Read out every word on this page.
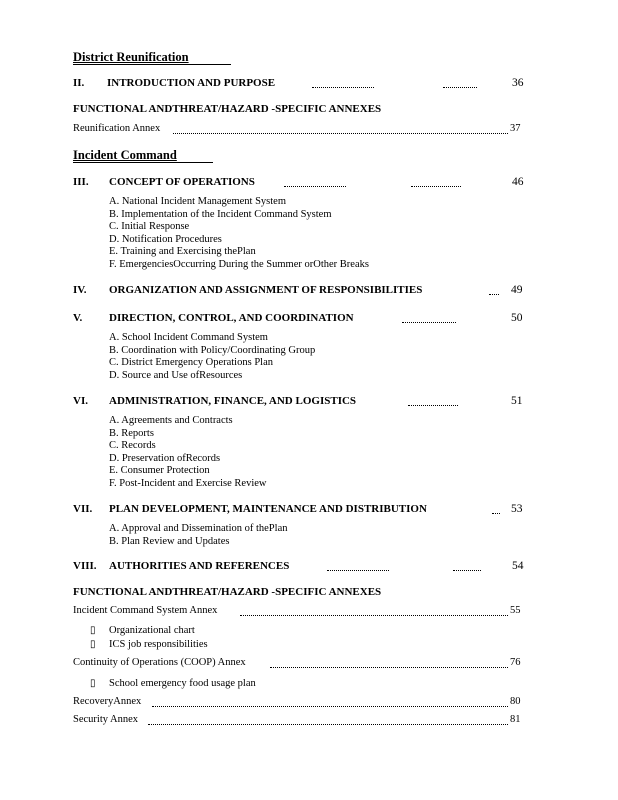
District Reunification
II. INTRODUCTION AND PURPOSE	36
FUNCTIONAL ANDTHREAT/HAZARD -SPECIFIC ANNEXES
Reunification Annex	37
Incident Command
III. CONCEPT OF OPERATIONS	46
A. National Incident Management System
B. Implementation of the Incident Command System
C. Initial Response
D. Notification Procedures
E. Training and Exercising thePlan
F. EmergenciesOccurring During the Summer orOther Breaks
IV. ORGANIZATION AND ASSIGNMENT OF RESPONSIBILITIES	49
V. DIRECTION, CONTROL, AND COORDINATION	50
A. School Incident Command System
B. Coordination with Policy/Coordinating Group
C. District Emergency Operations Plan
D. Source and Use ofResources
VI. ADMINISTRATION, FINANCE, AND LOGISTICS	51
A. Agreements and Contracts
B. Reports
C. Records
D. Preservation ofRecords
E. Consumer Protection
F. Post-Incident and Exercise Review
VII. PLAN DEVELOPMENT, MAINTENANCE AND DISTRIBUTION	53
A. Approval and Dissemination of thePlan
B. Plan Review and Updates
VIII. AUTHORITIES AND REFERENCES	54
FUNCTIONAL ANDTHREAT/HAZARD -SPECIFIC ANNEXES
Incident Command System Annex	55
▯ Organizational chart
▯ ICS job responsibilities
Continuity of Operations (COOP) Annex	76
▯ School emergency food usage plan
RecoveryAnnex	80
Security Annex	81
